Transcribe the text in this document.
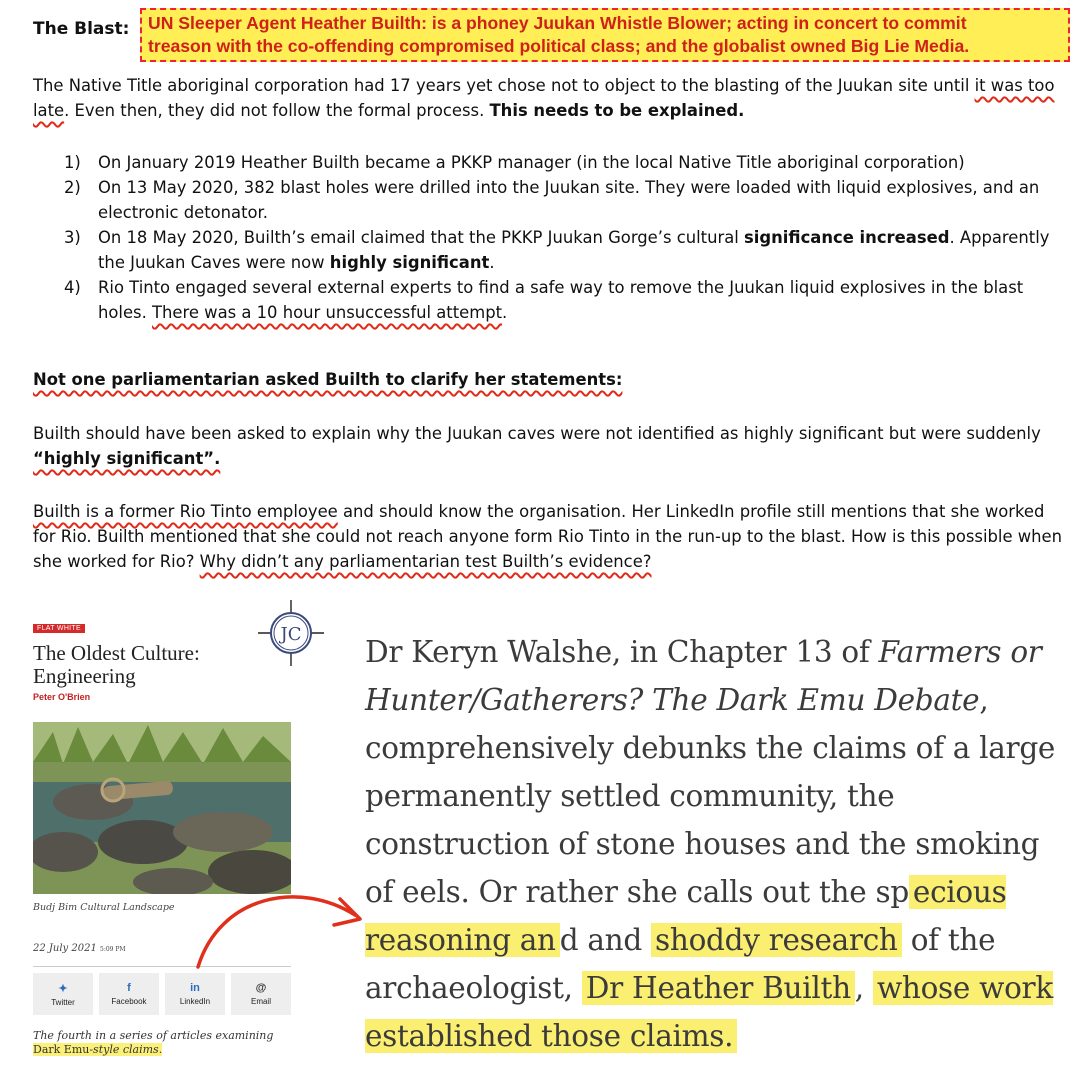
The Blast: UN Sleeper Agent Heather Builth: is a phoney Juukan Whistle Blower; acting in concert to commit
treason with the co-offending compromised political class; and the globalist owned Big Lie Media.

The Native Title aboriginal corporation had 17 years yet chose not to object to the blasting of the Juukan site until it was too late. Even then, they did not follow the formal process. This needs to be explained.

1) On January 2019 Heather Builth became a PKKP manager (in the local Native Title aboriginal corporation)
2) On 13 May 2020, 382 blast holes were drilled into the Juukan site. They were loaded with liquid explosives, and an electronic detonator.
3) On 18 May 2020, Builth’s email claimed that the PKKP Juukan Gorge’s cultural significance increased. Apparently the Juukan Caves were now highly significant.
4) Rio Tinto engaged several external experts to find a safe way to remove the Juukan liquid explosives in the blast holes. There was a 10 hour unsuccessful attempt.
Not one parliamentarian asked Builth to clarify her statements:

Builth should have been asked to explain why the Juukan caves were not identified as highly significant but were suddenly “highly significant”.

Builth is a former Rio Tinto employee and should know the organisation. Her LinkedIn profile still mentions that she worked for Rio. Builth mentioned that she could not reach anyone form Rio Tinto in the run-up to the blast. How is this possible when she worked for Rio? Why didn’t any parliamentarian test Builth’s evidence?

FLAT WHITE
The Oldest Culture: Engineering
Peter O'Brien
Budj Bim Cultural Landscape
22 July 2021 5:09 PM
✦
Twitter
f
Facebook
in
LinkedIn
@
Email
The fourth in a series of articles examining
Dark Emu-style claims.
JC
Dr Keryn Walshe, in Chapter 13 of Farmers or Hunter/Gatherers? The Dark Emu Debate, comprehensively debunks the claims of a large permanently settled community, the construction of stone houses and the smoking of eels. Or rather she calls out the sp ecious reasoning an d and shoddy research of the archaeologist, Dr Heather Builth , whose work established those claims.
